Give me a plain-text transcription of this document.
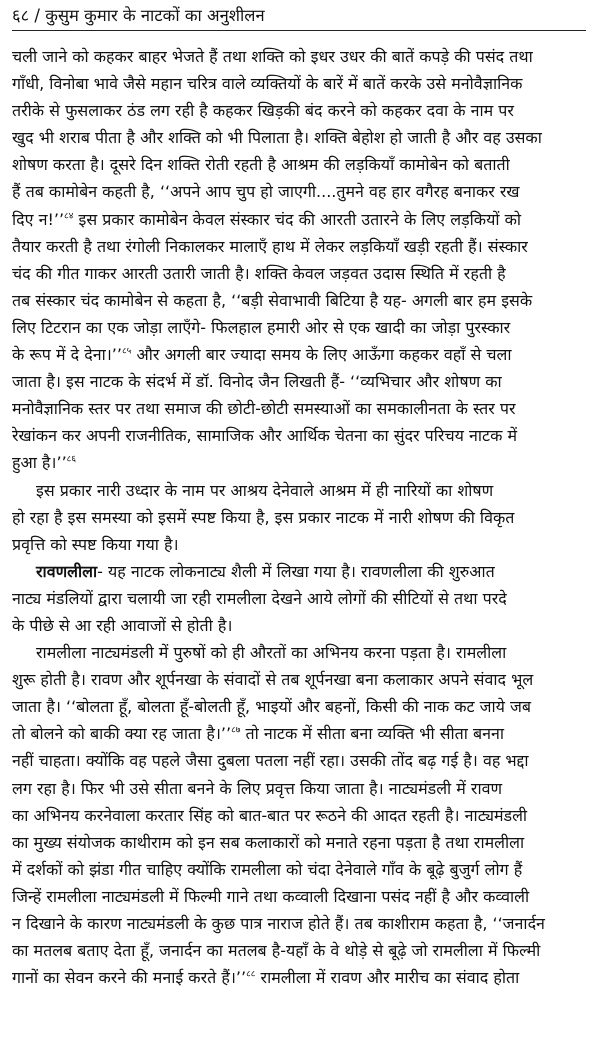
६८ / कुसुम कुमार के नाटकों का अनुशीलन
चली जाने को कहकर बाहर भेजते हैं तथा शक्ति को इधर उधर की बातें कपड़े की पसंद तथा
गाँधी, विनोबा भावे जैसे महान चरित्र वाले व्यक्तियों के बारें में बातें करके उसे मनोवैज्ञानिक
तरीके से फुसलाकर ठंड लग रही है कहकर खिड़की बंद करने को कहकर दवा के नाम पर
खुद भी शराब पीता है और शक्ति को भी पिलाता है। शक्ति बेहोश हो जाती है और वह उसका
शोषण करता है। दूसरे दिन शक्ति रोती रहती है आश्रम की लड़कियाँ कामोबेन को बताती
हैं तब कामोबेन कहती है, ‘‘अपने आप चुप हो जाएगी....तुमने वह हार वगैरह बनाकर रख
दिए न!’’$^{८४}$ इस प्रकार कामोबेन केवल संस्कार चंद की आरती उतारने के लिए लड़कियों को
तैयार करती है तथा रंगोली निकालकर मालाएँ हाथ में लेकर लड़कियाँ खड़ी रहती हैं। संस्कार
चंद की गीत गाकर आरती उतारी जाती है। शक्ति केवल जड़वत उदास स्थिति में रहती है
तब संस्कार चंद कामोबेन से कहता है, ‘‘बड़ी सेवाभावी बिटिया है यह- अगली बार हम इसके
लिए टिटरान का एक जोड़ा लाएँगे- फिलहाल हमारी ओर से एक खादी का जोड़ा पुरस्कार
के रूप में दे देना।’’$^{८५}$ और अगली बार ज्यादा समय के लिए आऊँगा कहकर वहाँ से चला
जाता है। इस नाटक के संदर्भ में डॉ. विनोद जैन लिखती हैं- ‘‘व्यभिचार और शोषण का
मनोवैज्ञानिक स्तर पर तथा समाज की छोटी-छोटी समस्याओं का समकालीनता के स्तर पर
रेखांकन कर अपनी राजनीतिक, सामाजिक और आर्थिक चेतना का सुंदर परिचय नाटक में
हुआ है।’’$^{८६}$
इस प्रकार नारी उध्दार के नाम पर आश्रय देनेवाले आश्रम में ही नारियों का शोषण
हो रहा है इस समस्या को इसमें स्पष्ट किया है, इस प्रकार नाटक में नारी शोषण की विकृत
प्रवृत्ति को स्पष्ट किया गया है।
रावणलीला- यह नाटक लोकनाट्य शैली में लिखा गया है। रावणलीला की शुरुआत
नाट्य मंडलियों द्वारा चलायी जा रही रामलीला देखने आये लोगों की सीटियों से तथा परदे
के पीछे से आ रही आवाजों से होती है।
रामलीला नाट्यमंडली में पुरुषों को ही औरतों का अभिनय करना पड़ता है। रामलीला
शुरू होती है। रावण और शूर्पनखा के संवादों से तब शूर्पनखा बना कलाकार अपने संवाद भूल
जाता है। ‘‘बोलता हूँ, बोलता हूँ-बोलती हूँ, भाइयों और बहनों, किसी की नाक कट जाये जब
तो बोलने को बाकी क्या रह जाता है।’’$^{८७}$ तो नाटक में सीता बना व्यक्ति भी सीता बनना
नहीं चाहता। क्योंकि वह पहले जैसा दुबला पतला नहीं रहा। उसकी तोंद बढ़ गई है। वह भद्दा
लग रहा है। फिर भी उसे सीता बनने के लिए प्रवृत्त किया जाता है। नाट्यमंडली में रावण
का अभिनय करनेवाला करतार सिंह को बात-बात पर रूठने की आदत रहती है। नाट्यमंडली
का मुख्य संयोजक काथीराम को इन सब कलाकारों को मनाते रहना पड़ता है तथा रामलीला
में दर्शकों को झंडा गीत चाहिए क्योंकि रामलीला को चंदा देनेवाले गाँव के बूढ़े बुजुर्ग लोग हैं
जिन्हें रामलीला नाट्यमंडली में फिल्मी गाने तथा कव्वाली दिखाना पसंद नहीं है और कव्वाली
न दिखाने के कारण नाट्यमंडली के कुछ पात्र नाराज होते हैं। तब काशीराम कहता है, ‘‘जनार्दन
का मतलब बताए देता हूँ, जनार्दन का मतलब है-यहाँ के वे थोड़े से बूढ़े जो रामलीला में फिल्मी
गानों का सेवन करने की मनाई करते हैं।’’$^{८८}$ रामलीला में रावण और मारीच का संवाद होता
